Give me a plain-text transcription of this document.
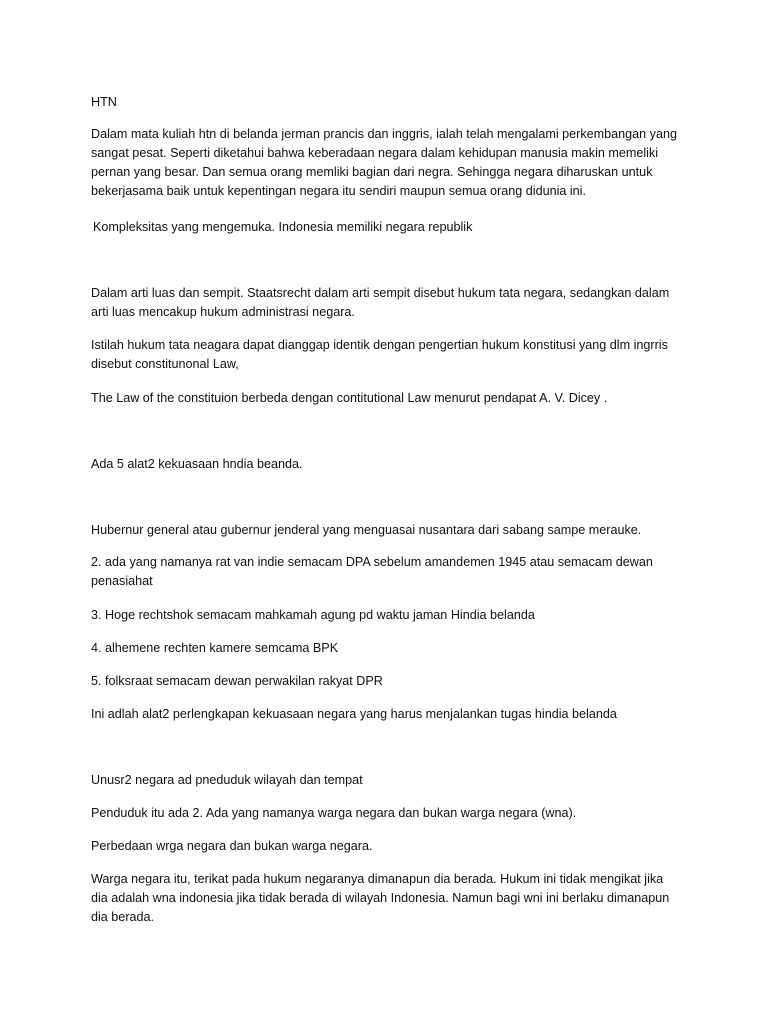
HTN

Dalam mata kuliah htn di belanda jerman prancis dan inggris, ialah telah mengalami perkembangan yang
sangat pesat. Seperti diketahui bahwa keberadaan negara dalam kehidupan manusia makin memeliki
pernan yang besar. Dan semua orang memliki bagian dari negra. Sehingga negara diharuskan untuk
bekerjasama baik untuk kepentingan negara itu sendiri maupun semua orang didunia ini.

Kompleksitas yang mengemuka. Indonesia memiliki negara republik

Dalam arti luas dan sempit. Staatsrecht dalam arti sempit disebut hukum tata negara, sedangkan dalam
arti luas mencakup hukum administrasi negara.

Istilah hukum tata neagara dapat dianggap identik dengan pengertian hukum konstitusi yang dlm ingrris
disebut constitunonal Law,

The Law of the constituion berbeda dengan contitutional Law menurut pendapat A. V. Dicey .

Ada 5 alat2 kekuasaan hndia beanda.

Hubernur general atau gubernur jenderal yang menguasai nusantara dari sabang sampe merauke.

2. ada yang namanya rat van indie semacam DPA sebelum amandemen 1945 atau semacam dewan
penasiahat

3. Hoge rechtshok semacam mahkamah agung pd waktu jaman Hindia belanda

4. alhemene rechten kamere semcama BPK

5. folksraat semacam dewan perwakilan rakyat DPR

Ini adlah alat2 perlengkapan kekuasaan negara yang harus menjalankan tugas hindia belanda

Unusr2 negara ad pneduduk wilayah dan tempat

Penduduk itu ada 2. Ada yang namanya warga negara dan bukan warga negara (wna).

Perbedaan wrga negara dan bukan warga negara.

Warga negara itu, terikat pada hukum negaranya dimanapun dia berada. Hukum ini tidak mengikat jika
dia adalah wna indonesia jika tidak berada di wilayah Indonesia. Namun bagi wni ini berlaku dimanapun
dia berada.
